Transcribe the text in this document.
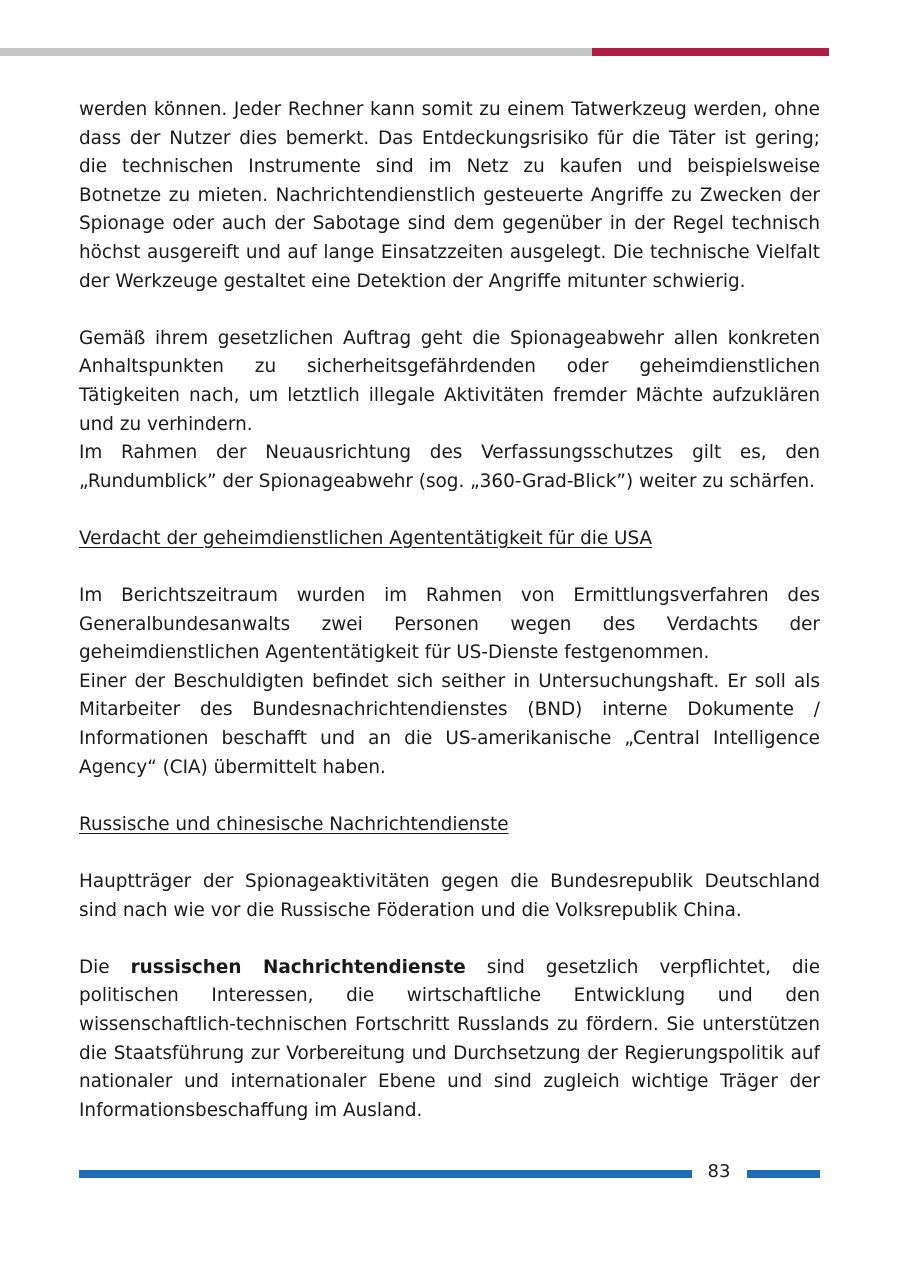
werden können. Jeder Rechner kann somit zu einem Tatwerkzeug werden, ohne dass der Nutzer dies bemerkt. Das Entdeckungsrisiko für die Täter ist gering; die technischen Instrumente sind im Netz zu kaufen und beispielsweise Botnetze zu mieten. Nachrichtendienstlich gesteuerte Angriffe zu Zwecken der Spionage oder auch der Sabotage sind dem gegenüber in der Regel technisch höchst ausgereift und auf lange Einsatzzeiten ausgelegt. Die technische Vielfalt der Werkzeuge gestaltet eine Detektion der Angriffe mitunter schwierig.

Gemäß ihrem gesetzlichen Auftrag geht die Spionageabwehr allen konkreten Anhaltspunkten zu sicherheitsgefährdenden oder geheimdienstlichen Tätigkeiten nach, um letztlich illegale Aktivitäten fremder Mächte aufzuklären und zu verhindern.

Im Rahmen der Neuausrichtung des Verfassungsschutzes gilt es, den „Rundumblick” der Spionageabwehr (sog. „360-Grad-Blick”) weiter zu schärfen.

Verdacht der geheimdienstlichen Agententätigkeit für die USA

Im Berichtszeitraum wurden im Rahmen von Ermittlungsverfahren des Generalbundesanwalts zwei Personen wegen des Verdachts der geheimdienstlichen Agententätigkeit für US-Dienste festgenommen.

Einer der Beschuldigten befindet sich seither in Untersuchungshaft. Er soll als Mitarbeiter des Bundesnachrichtendienstes (BND) interne Dokumente / Informationen beschafft und an die US-amerikanische „Central Intelligence Agency“ (CIA) übermittelt haben.

Russische und chinesische Nachrichtendienste

Hauptträger der Spionageaktivitäten gegen die Bundesrepublik Deutschland sind nach wie vor die Russische Föderation und die Volksrepublik China.

Die russischen Nachrichtendienste sind gesetzlich verpflichtet, die politischen Interessen, die wirtschaftliche Entwicklung und den wissenschaftlich-technischen Fortschritt Russlands zu fördern. Sie unterstützen die Staatsführung zur Vorbereitung und Durchsetzung der Regierungspolitik auf nationaler und internationaler Ebene und sind zugleich wichtige Träger der Informationsbeschaffung im Ausland.

83
